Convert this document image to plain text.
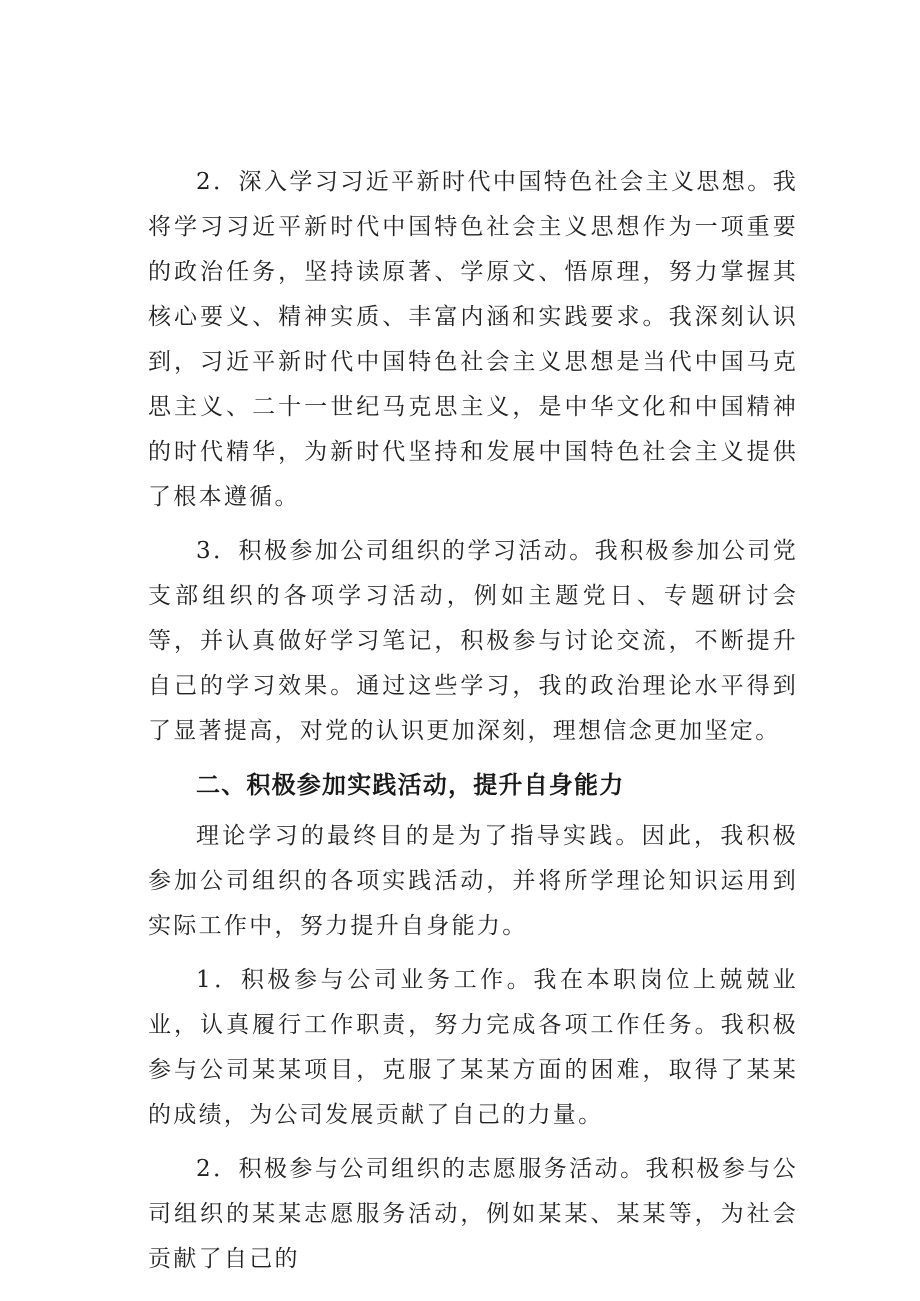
2．深入学习习近平新时代中国特色社会主义思想。我将学习习近平新时代中国特色社会主义思想作为一项重要的政治任务，坚持读原著、学原文、悟原理，努力掌握其核心要义、精神实质、丰富内涵和实践要求。我深刻认识到，习近平新时代中国特色社会主义思想是当代中国马克思主义、二十一世纪马克思主义，是中华文化和中国精神的时代精华，为新时代坚持和发展中国特色社会主义提供了根本遵循。

3．积极参加公司组织的学习活动。我积极参加公司党支部组织的各项学习活动，例如主题党日、专题研讨会等，并认真做好学习笔记，积极参与讨论交流，不断提升自己的学习效果。通过这些学习，我的政治理论水平得到了显著提高，对党的认识更加深刻，理想信念更加坚定。

二、积极参加实践活动，提升自身能力

理论学习的最终目的是为了指导实践。因此，我积极参加公司组织的各项实践活动，并将所学理论知识运用到实际工作中，努力提升自身能力。

1．积极参与公司业务工作。我在本职岗位上兢兢业业，认真履行工作职责，努力完成各项工作任务。我积极参与公司某某项目，克服了某某方面的困难，取得了某某的成绩，为公司发展贡献了自己的力量。

2．积极参与公司组织的志愿服务活动。我积极参与公司组织的某某志愿服务活动，例如某某、某某等，为社会贡献了自己的
